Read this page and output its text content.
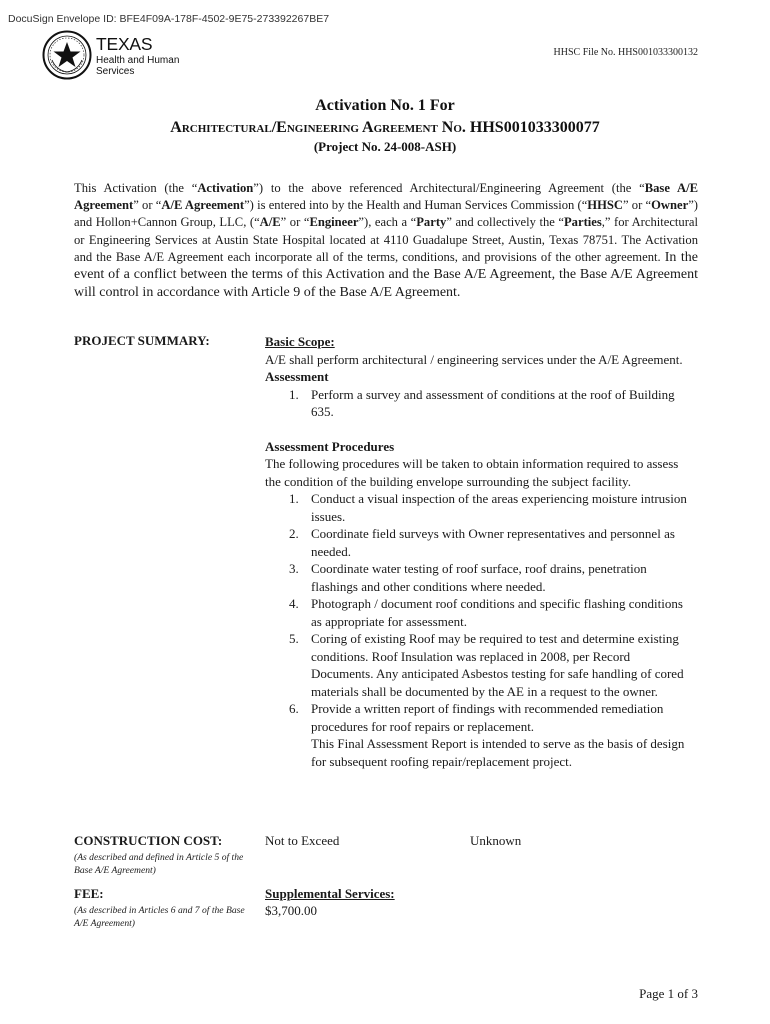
DocuSign Envelope ID: BFE4F09A-178F-4502-9E75-273392267BE7
TEXAS
Health and Human
Services
HHSC File No. HHS001033300132
Activation No. 1 For
Architectural/Engineering Agreement No. HHS001033300077
(Project No. 24-008-ASH)
This Activation (the “Activation”) to the above referenced Architectural/Engineering Agreement (the “Base A/E Agreement” or “A/E Agreement”) is entered into by the Health and Human Services Commission (“HHSC” or “Owner”) and Hollon+Cannon Group, LLC, (“A/E” or “Engineer”), each a “Party” and collectively the “Parties,” for Architectural or Engineering Services at Austin State Hospital located at 4110 Guadalupe Street, Austin, Texas 78751. The Activation and the Base A/E Agreement each incorporate all of the terms, conditions, and provisions of the other agreement. In the event of a conflict between the terms of this Activation and the Base A/E Agreement, the Base A/E Agreement will control in accordance with Article 9 of the Base A/E Agreement.
PROJECT SUMMARY:	Basic Scope:
A/E shall perform architectural / engineering services under the A/E Agreement.
Assessment
Perform a survey and assessment of conditions at the roof of Building 635.
Assessment Procedures
The following procedures will be taken to obtain information required to assess the condition of the building envelope surrounding the subject facility.
Conduct a visual inspection of the areas experiencing moisture intrusion issues.
Coordinate field surveys with Owner representatives and personnel as needed.
Coordinate water testing of roof surface, roof drains, penetration flashings and other conditions where needed.
Photograph / document roof conditions and specific flashing conditions as appropriate for assessment.
Coring of existing Roof may be required to test and determine existing conditions. Roof Insulation was replaced in 2008, per Record Documents. Any anticipated Asbestos testing for safe handling of cored materials shall be documented by the AE in a request to the owner.
Provide a written report of findings with recommended remediation procedures for roof repairs or replacement.
This Final Assessment Report is intended to serve as the basis of design for subsequent roofing repair/replacement project.
CONSTRUCTION COST:
(As described and defined in Article 5 of the Base A/E Agreement)
Not to Exceed	Unknown
FEE:
(As described in Articles 6 and 7 of the Base A/E Agreement)
Supplemental Services:
$3,700.00
Page 1 of 3
